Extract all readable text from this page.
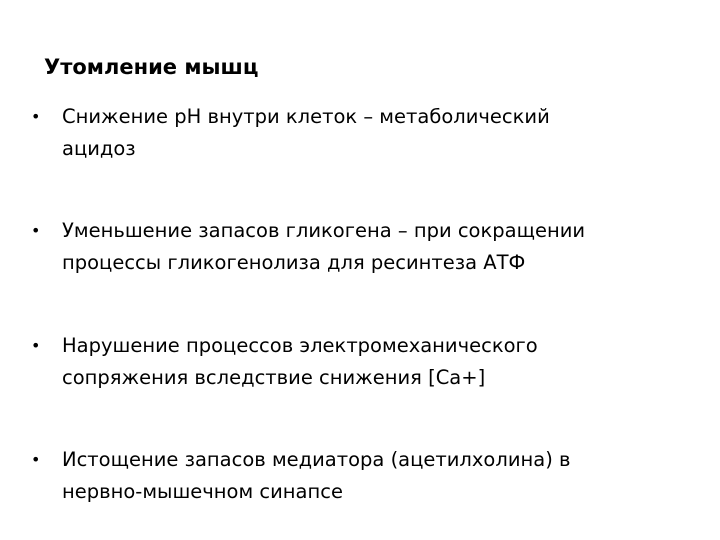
Утомление мышц
•	Снижение pH внутри клеток – метаболический
ацидоз
•	Уменьшение запасов гликогена – при сокращении
процессы гликогенолиза для ресинтеза АТФ
•	Нарушение процессов электромеханического
сопряжения вследствие снижения [Ca+]
•	Истощение запасов медиатора (ацетилхолина) в
нервно-мышечном синапсе
